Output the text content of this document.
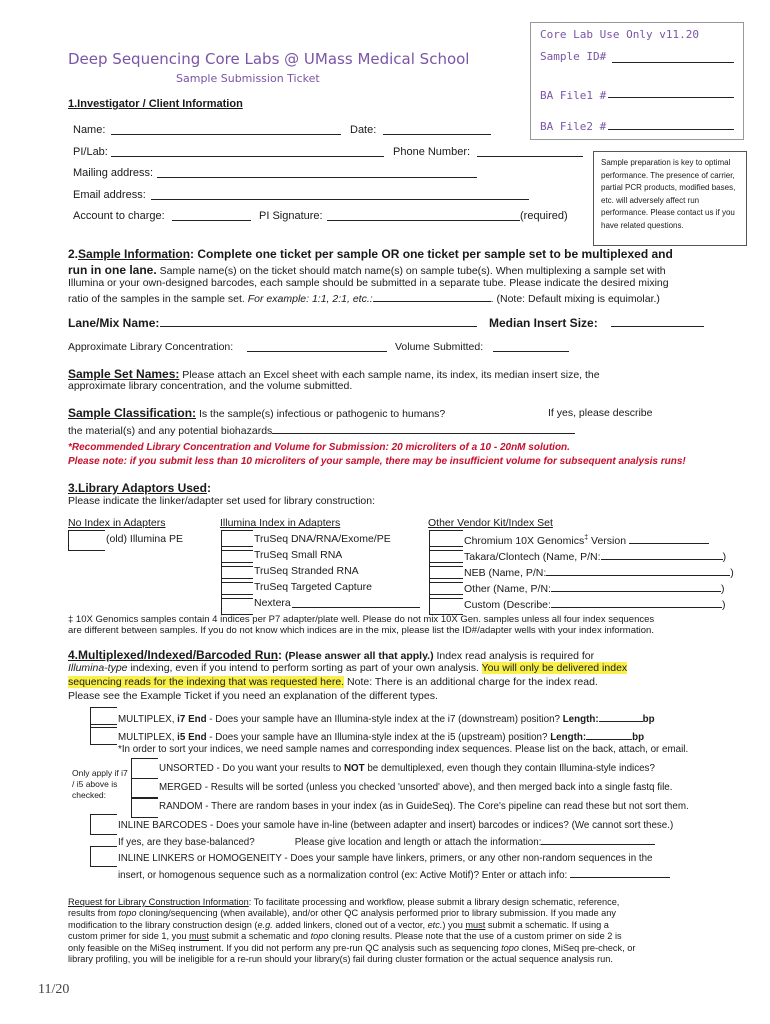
Core Lab Use Only v11.20
Sample ID#
BA File1 #
BA File2 #
Deep Sequencing Core Labs @ UMass Medical School
Sample Submission Ticket
1.Investigator / Client Information
Name:	Date:
PI/Lab:	Phone Number:
Mailing address:
Email address:
Account to charge:	PI Signature:	(required)
Sample preparation is key to optimal performance. The presence of carrier, partial PCR products, modified bases, etc. will adversely affect run performance. Please contact us if you have related questions.
2.Sample Information: Complete one ticket per sample OR one ticket per sample set to be multiplexed and
run in one lane. Sample name(s) on the ticket should match name(s) on sample tube(s). When multiplexing a sample set with
Illumina or your own-designed barcodes, each sample should be submitted in a separate tube. Please indicate the desired mixing
ratio of the samples in the sample set. For example: 1:1, 2:1, etc.:	. (Note: Default mixing is equimolar.)
Lane/Mix Name:	Median Insert Size:
Approximate Library Concentration:	Volume Submitted:
Sample Set Names: Please attach an Excel sheet with each sample name, its index, its median insert size, the
approximate library concentration, and the volume submitted.
Sample Classification: Is the sample(s) infectious or pathogenic to humans?	If yes, please describe
the material(s) and any potential biohazards
*Recommended Library Concentration and Volume for Submission: 20 microliters of a 10 - 20nM solution.
Please note: if you submit less than 10 microliters of your sample, there may be insufficient volume for subsequent analysis runs!
3.Library Adaptors Used:
Please indicate the linker/adapter set used for library construction:
No Index in Adapters
(old) Illumina PE
Illumina Index in Adapters
TruSeq DNA/RNA/Exome/PE
TruSeq Small RNA
TruSeq Stranded RNA
TruSeq Targeted Capture
Nextera
Other Vendor Kit/Index Set
Chromium 10X Genomics‡ Version
Takara/Clontech (Name, P/N:	)
NEB (Name, P/N:	)
Other (Name, P/N:	)
Custom (Describe:	)
‡ 10X Genomics samples contain 4 indices per P7 adapter/plate well. Please do not mix 10X Gen. samples unless all four index sequences
are different between samples. If you do not know which indices are in the mix, please list the ID#/adapter wells with your index information.
4.Multiplexed/Indexed/Barcoded Run: (Please answer all that apply.) Index read analysis is required for
Illumina-type indexing, even if you intend to perform sorting as part of your own analysis. You will only be delivered index
sequencing reads for the indexing that was requested here. Note: There is an additional charge for the index read.
Please see the Example Ticket if you need an explanation of the different types.
MULTIPLEX, i7 End - Does your sample have an Illumina-style index at the i7 (downstream) position? Length:	bp
MULTIPLEX, i5 End - Does your sample have an Illumina-style index at the i5 (upstream) position? Length:	bp
*In order to sort your indices, we need sample names and corresponding index sequences. Please list on the back, attach, or email.
Only apply if i7 / i5 above is checked:
UNSORTED - Do you want your results to NOT be demultiplexed, even though they contain Illumina-style indices?
MERGED - Results will be sorted (unless you checked 'unsorted' above), and then merged back into a single fastq file.
RANDOM - There are random bases in your index (as in GuideSeq). The Core's pipeline can read these but not sort them.
INLINE BARCODES - Does your samole have in-line (between adapter and insert) barcodes or indices? (We cannot sort these.)
If yes, are they base-balanced?	Please give location and length or attach the information:
INLINE LINKERS or HOMOGENEITY - Does your sample have linkers, primers, or any other non-random sequences in the
insert, or homogenous sequence such as a normalization control (ex: Active Motif)? Enter or attach info:

Request for Library Construction Information: To facilitate processing and workflow, please submit a library design schematic, reference,

results from topo cloning/sequencing (when available), and/or other QC analysis performed prior to library submission. If you made any

modification to the library construction design (e.g. added linkers, cloned out of a vector, etc.) you must submit a schematic. If using a

custom primer for side 1, you must submit a schematic and topo cloning results. Please note that the use of a custom primer on side 2 is

only feasible on the MiSeq instrument. If you did not perform any pre-run QC analysis such as sequencing topo clones, MiSeq pre-check, or

library profiling, you will be ineligible for a re-run should your library(s) fail during cluster formation or the actual sequence analysis run.

11/20
